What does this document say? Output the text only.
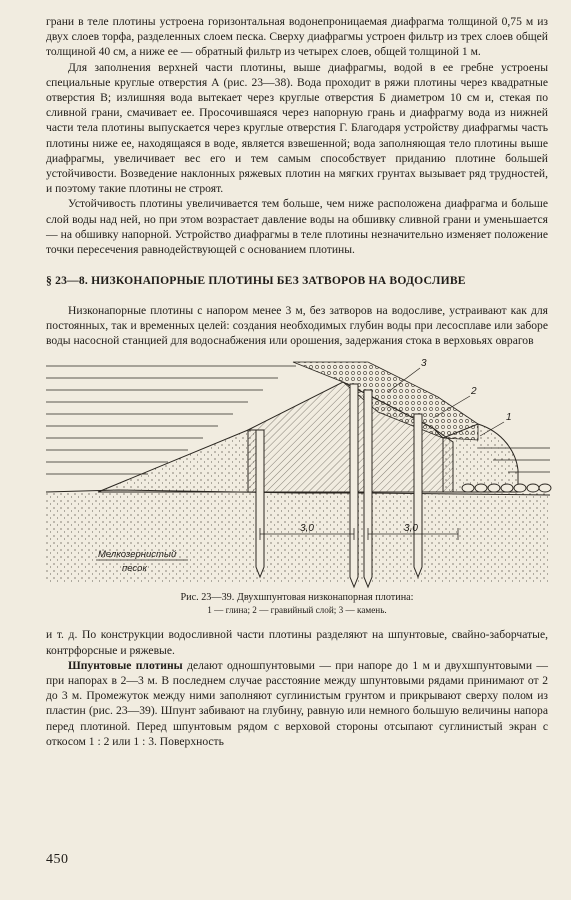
грани в теле плотины устроена горизонтальная водонепроницаемая диафрагма толщиной 0,75 м из двух слоев торфа, разделенных слоем песка. Сверху диафрагмы устроен фильтр из трех слоев общей толщиной 40 см, а ниже ее — обратный фильтр из четырех слоев, общей толщиной 1 м.

Для заполнения верхней части плотины, выше диафрагмы, водой в ее гребне устроены специальные круглые отверстия А (рис. 23—38). Вода проходит в ряжи плотины через квадратные отверстия В; излишняя вода вытекает через круглые отверстия Б диаметром 10 см и, стекая по сливной грани, смачивает ее. Просочившаяся через напорную грань и диафрагму вода из нижней части тела плотины выпускается через круглые отверстия Г. Благодаря устройству диафрагмы часть плотины ниже ее, находящаяся в воде, является взвешенной; вода заполняющая тело плотины выше диафрагмы, увеличивает вес его и тем самым способствует приданию плотине большей устойчивости. Возведение наклонных ряжевых плотин на мягких грунтах вызывает ряд трудностей, и поэтому такие плотины не строят.

Устойчивость плотины увеличивается тем больше, чем ниже расположена диафрагма и больше слой воды над ней, но при этом возрастает давление воды на обшивку сливной грани и уменьшается — на обшивку напорной. Устройство диафрагмы в теле плотины незначительно изменяет положение точки пересечения равнодействующей с основанием плотины.

§ 23—8. НИЗКОНАПОРНЫЕ ПЛОТИНЫ БЕЗ ЗАТВОРОВ НА ВОДОСЛИВЕ

Низконапорные плотины с напором менее 3 м, без затворов на водосливе, устраивают как для постоянных, так и временных целей: создания необходимых глубин воды при лесосплаве или заборе воды насосной станцией для водоснабжения или орошения, задержания стока в верховьях оврагов

3,0	3,0
3
2
1
Мелкозернистый
песок
Рис. 23—39. Двухшпунтовая низконапорная плотина:
1 — глина; 2 — гравийный слой; 3 — камень.

и т. д. По конструкции водосливной части плотины разделяют на шпунтовые, свайно-заборчатые, контрфорсные и ряжевые.

Шпунтовые плотины делают одношпунтовыми — при напоре до 1 м и двухшпунтовыми — при напорах в 2—3 м. В последнем случае расстояние между шпунтовыми рядами принимают от 2 до 3 м. Промежуток между ними заполняют суглинистым грунтом и прикрывают сверху полом из пластин (рис. 23—39). Шпунт забивают на глубину, равную или немного большую величины напора перед плотиной. Перед шпунтовым рядом с верховой стороны отсыпают суглинистый экран с откосом 1 : 2 или 1 : 3. Поверхность

450
